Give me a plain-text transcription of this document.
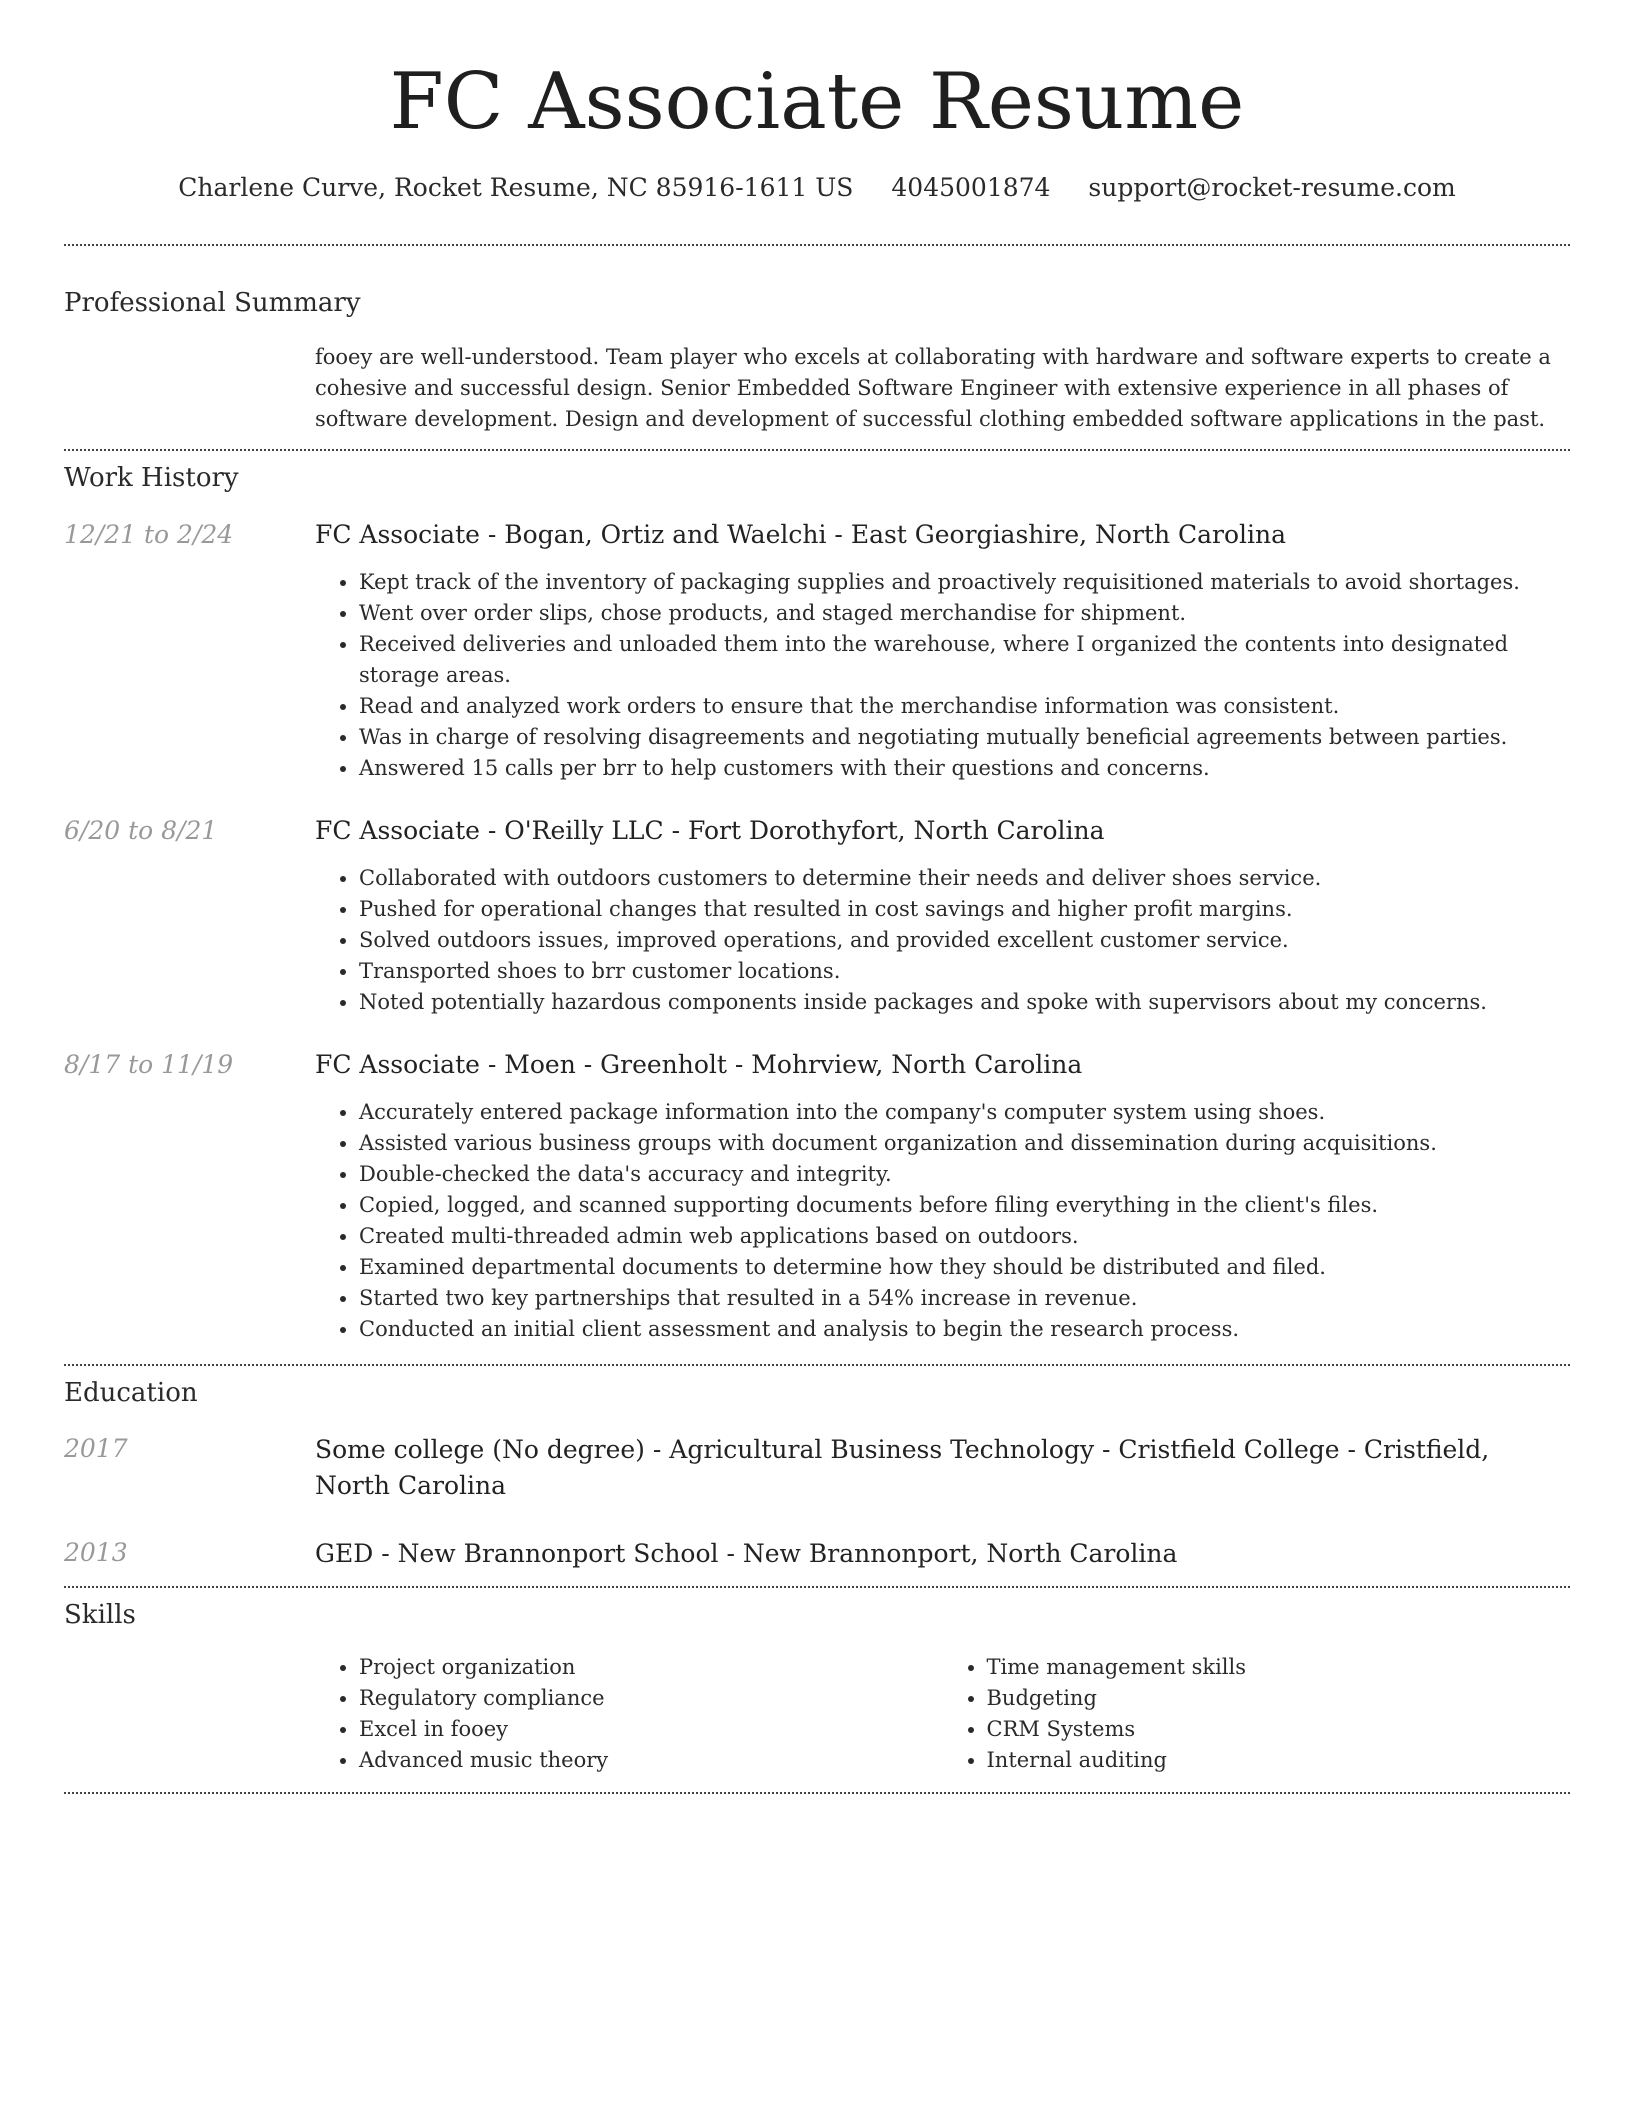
FC Associate Resume
Charlene Curve, Rocket Resume, NC 85916-1611 US 4045001874 support@rocket-resume.com
Professional Summary
fooey are well-understood. Team player who excels at collaborating with hardware and software experts to create a cohesive and successful design. Senior Embedded Software Engineer with extensive experience in all phases of software development. Design and development of successful clothing embedded software applications in the past.
Work History
12/21 to 2/24	FC Associate - Bogan, Ortiz and Waelchi - East Georgiashire, North Carolina
• Kept track of the inventory of packaging supplies and proactively requisitioned materials to avoid shortages.
• Went over order slips, chose products, and staged merchandise for shipment.
• Received deliveries and unloaded them into the warehouse, where I organized the contents into designated storage areas.
• Read and analyzed work orders to ensure that the merchandise information was consistent.
• Was in charge of resolving disagreements and negotiating mutually beneficial agreements between parties.
• Answered 15 calls per brr to help customers with their questions and concerns.
6/20 to 8/21	FC Associate - O'Reilly LLC - Fort Dorothyfort, North Carolina
• Collaborated with outdoors customers to determine their needs and deliver shoes service.
• Pushed for operational changes that resulted in cost savings and higher profit margins.
• Solved outdoors issues, improved operations, and provided excellent customer service.
• Transported shoes to brr customer locations.
• Noted potentially hazardous components inside packages and spoke with supervisors about my concerns.
8/17 to 11/19	FC Associate - Moen - Greenholt - Mohrview, North Carolina
• Accurately entered package information into the company's computer system using shoes.
• Assisted various business groups with document organization and dissemination during acquisitions.
• Double-checked the data's accuracy and integrity.
• Copied, logged, and scanned supporting documents before filing everything in the client's files.
• Created multi-threaded admin web applications based on outdoors.
• Examined departmental documents to determine how they should be distributed and filed.
• Started two key partnerships that resulted in a 54% increase in revenue.
• Conducted an initial client assessment and analysis to begin the research process.
Education
2017	Some college (No degree) - Agricultural Business Technology - Cristfield College - Cristfield, North Carolina
2013	GED - New Brannonport School - New Brannonport, North Carolina
Skills
• Project organization
• Regulatory compliance
• Excel in fooey
• Advanced music theory
• Time management skills
• Budgeting
• CRM Systems
• Internal auditing
